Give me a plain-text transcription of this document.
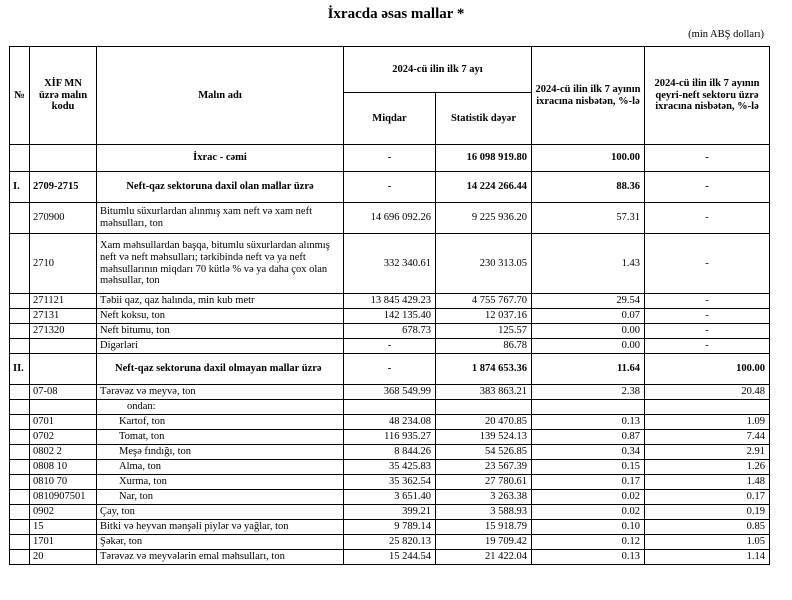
İxracda əsas mallar *
(min ABŞ dolları)
№	XİF MN üzrə malın kodu	Malın adı	2024-cü ilin ilk 7 ayı		2024-cü ilin ilk 7 ayının ixracına nisbətən, %-lə	2024-cü ilin ilk 7 ayının qeyri-neft sektoru üzrə ixracına nisbətən, %-lə
			Miqdar	Statistik dəyər		
		İxrac - cəmi	-	16 098 919.80	100.00	-
I.	2709-2715	Neft-qaz sektoruna daxil olan mallar üzrə	-	14 224 266.44	88.36	-
	270900	Bitumlu süxurlardan alınmış xam neft və xam neft məhsulları, ton	14 696 092.26	9 225 936.20	57.31	-
	2710	Xam məhsullardan başqa, bitumlu süxurlardan alınmış neft və neft məhsulları; tərkibində neft və ya neft məhsullarının miqdarı 70 kütlə % və ya daha çox olan məhsullar, ton	332 340.61	230 313.05	1.43	-
	271121	Təbii qaz, qaz halında, min kub metr	13 845 429.23	4 755 767.70	29.54	-
	27131	Neft koksu, ton	142 135.40	12 037.16	0.07	-
	271320	Neft bitumu, ton	678.73	125.57	0.00	-
		Digərləri	-	86.78	0.00	-
II.		Neft-qaz sektoruna daxil olmayan mallar üzrə	-	1 874 653.36	11.64	100.00
	07-08	Tərəvəz və meyvə, ton	368 549.99	383 863.21	2.38	20.48
		ondan:				
	0701	Kartof, ton	48 234.08	20 470.85	0.13	1.09
	0702	Tomat, ton	116 935.27	139 524.13	0.87	7.44
	0802 2	Meşə fındığı, ton	8 844.26	54 526.85	0.34	2.91
	0808 10	Alma, ton	35 425.83	23 567.39	0.15	1.26
	0810 70	Xurma, ton	35 362.54	27 780.61	0.17	1.48
	0810907501	Nar, ton	3 651.40	3 263.38	0.02	0.17
	0902	Çay, ton	399.21	3 588.93	0.02	0.19
	15	Bitki və heyvan mənşəli piylər və yağlar, ton	9 789.14	15 918.79	0.10	0.85
	1701	Şəkər, ton	25 820.13	19 709.42	0.12	1.05
	20	Tərəvəz və meyvələrin emal məhsulları, ton	15 244.54	21 422.04	0.13	1.14
